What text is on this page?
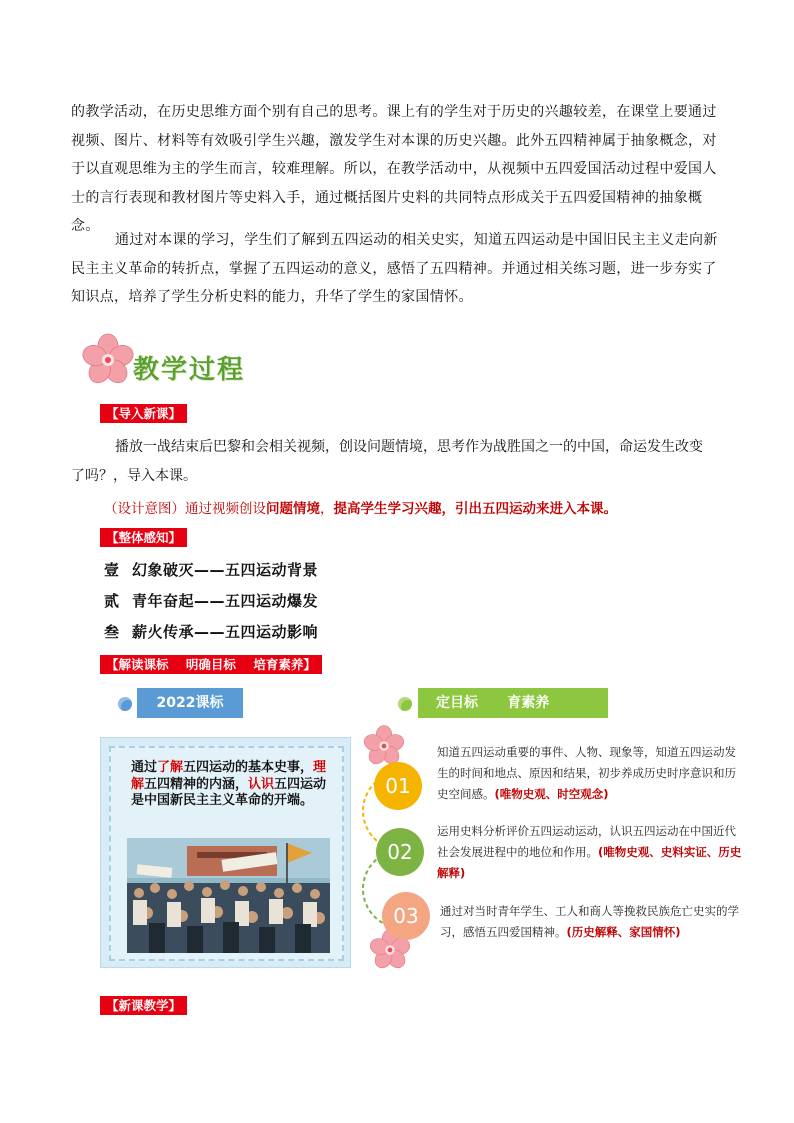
的教学活动，在历史思维方面个别有自己的思考。课上有的学生对于历史的兴趣较差，在课堂上要通过视频、图片、材料等有效吸引学生兴趣，激发学生对本课的历史兴趣。此外五四精神属于抽象概念，对于以直观思维为主的学生而言，较难理解。所以，在教学活动中，从视频中五四爱国活动过程中爱国人士的言行表现和教材图片等史料入手，通过概括图片史料的共同特点形成关于五四爱国精神的抽象概念。

通过对本课的学习，学生们了解到五四运动的相关史实，知道五四运动是中国旧民主主义走向新民主主义革命的转折点，掌握了五四运动的意义，感悟了五四精神。并通过相关练习题，进一步夯实了知识点，培养了学生分析史料的能力，升华了学生的家国情怀。

教学过程
【导入新课】
播放一战结束后巴黎和会相关视频，创设问题情境，思考作为战胜国之一的中国，命运发生改变
了吗？，导入本课。
（设计意图）通过视频创设问题情境，提高学生学习兴趣，引出五四运动来进入本课。
【整体感知】
壹 幻象破灭——五四运动背景
贰 青年奋起——五四运动爆发
叁 薪火传承——五四运动影响
【解读课标    明确目标    培育素养】
2022课标	定目标      育素养
通过了解五四运动的基本史事，理解五四精神的内涵，认识五四运动是中国新民主主义革命的开端。
01
02
03
知道五四运动重要的事件、人物、现象等，知道五四运动发生的时间和地点、原因和结果，初步养成历史时序意识和历史空间感。(唯物史观、时空观念)
运用史料分析评价五四运动运动，认识五四运动在中国近代社会发展进程中的地位和作用。(唯物史观、史料实证、历史解释)
通过对当时青年学生、工人和商人等挽救民族危亡史实的学习，感悟五四爱国精神。(历史解释、家国情怀)
【新课教学】
